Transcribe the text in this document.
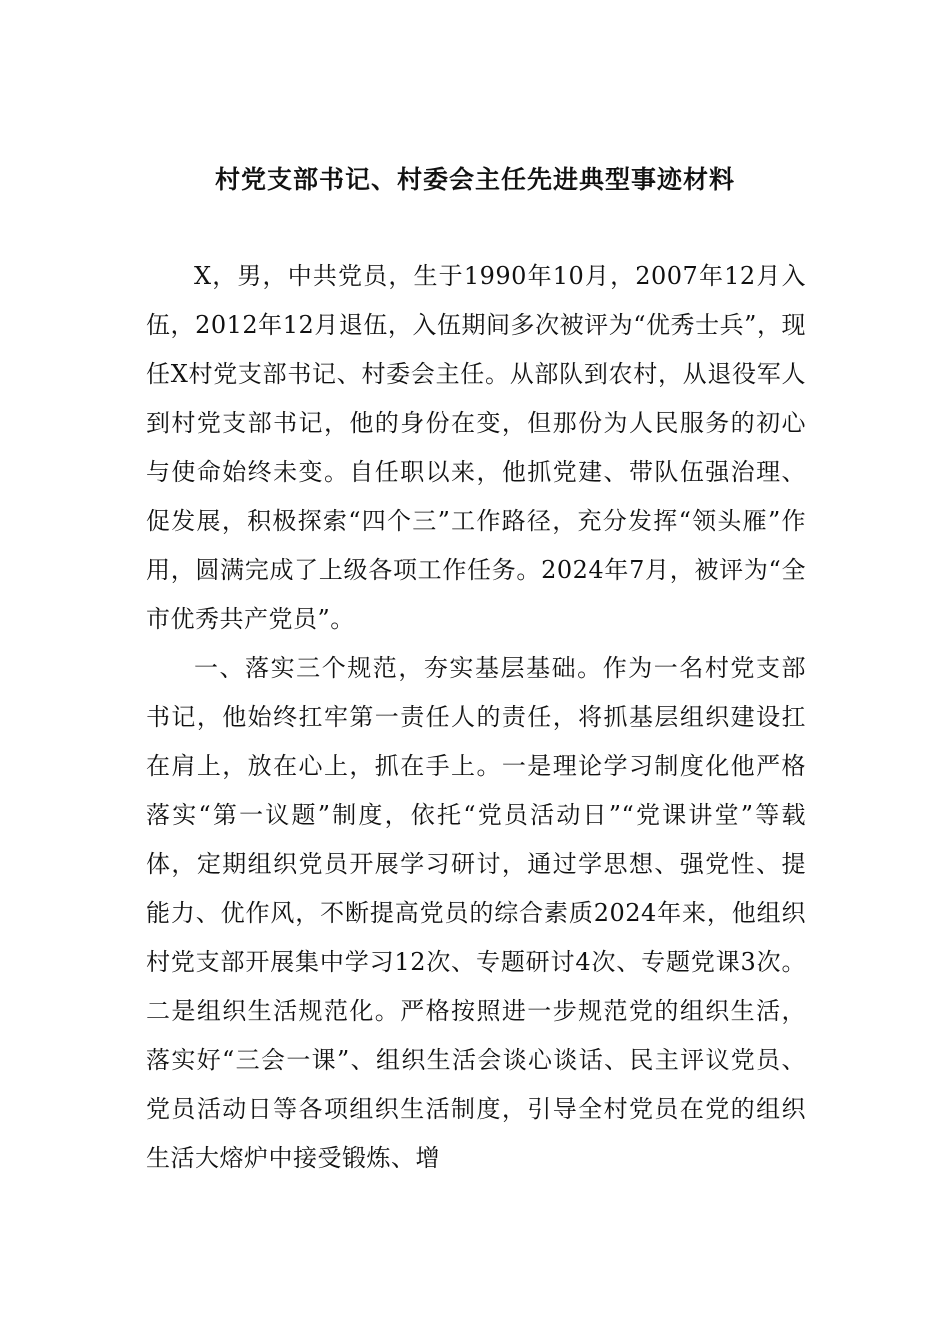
村党支部书记、村委会主任先进典型事迹材料

X，男，中共党员，生于1990年10月，2007年12月入伍，2012年12月退伍，入伍期间多次被评为“优秀士兵”，现任X村党支部书记、村委会主任。从部队到农村，从退役军人到村党支部书记，他的身份在变，但那份为人民服务的初心与使命始终未变。自任职以来，他抓党建、带队伍强治理、促发展，积极探索“四个三”工作路径，充分发挥“领头雁”作用，圆满完成了上级各项工作任务。2024年7月，被评为“全市优秀共产党员”。

一、落实三个规范，夯实基层基础。作为一名村党支部书记，他始终扛牢第一责任人的责任，将抓基层组织建设扛在肩上，放在心上，抓在手上。一是理论学习制度化他严格落实“第一议题”制度，依托“党员活动日”“党课讲堂”等载体，定期组织党员开展学习研讨，通过学思想、强党性、提能力、优作风，不断提高党员的综合素质2024年来，他组织村党支部开展集中学习12次、专题研讨4次、专题党课3次。二是组织生活规范化。严格按照进一步规范党的组织生活，落实好“三会一课”、组织生活会谈心谈话、民主评议党员、党员活动日等各项组织生活制度，引导全村党员在党的组织生活大熔炉中接受锻炼、增
